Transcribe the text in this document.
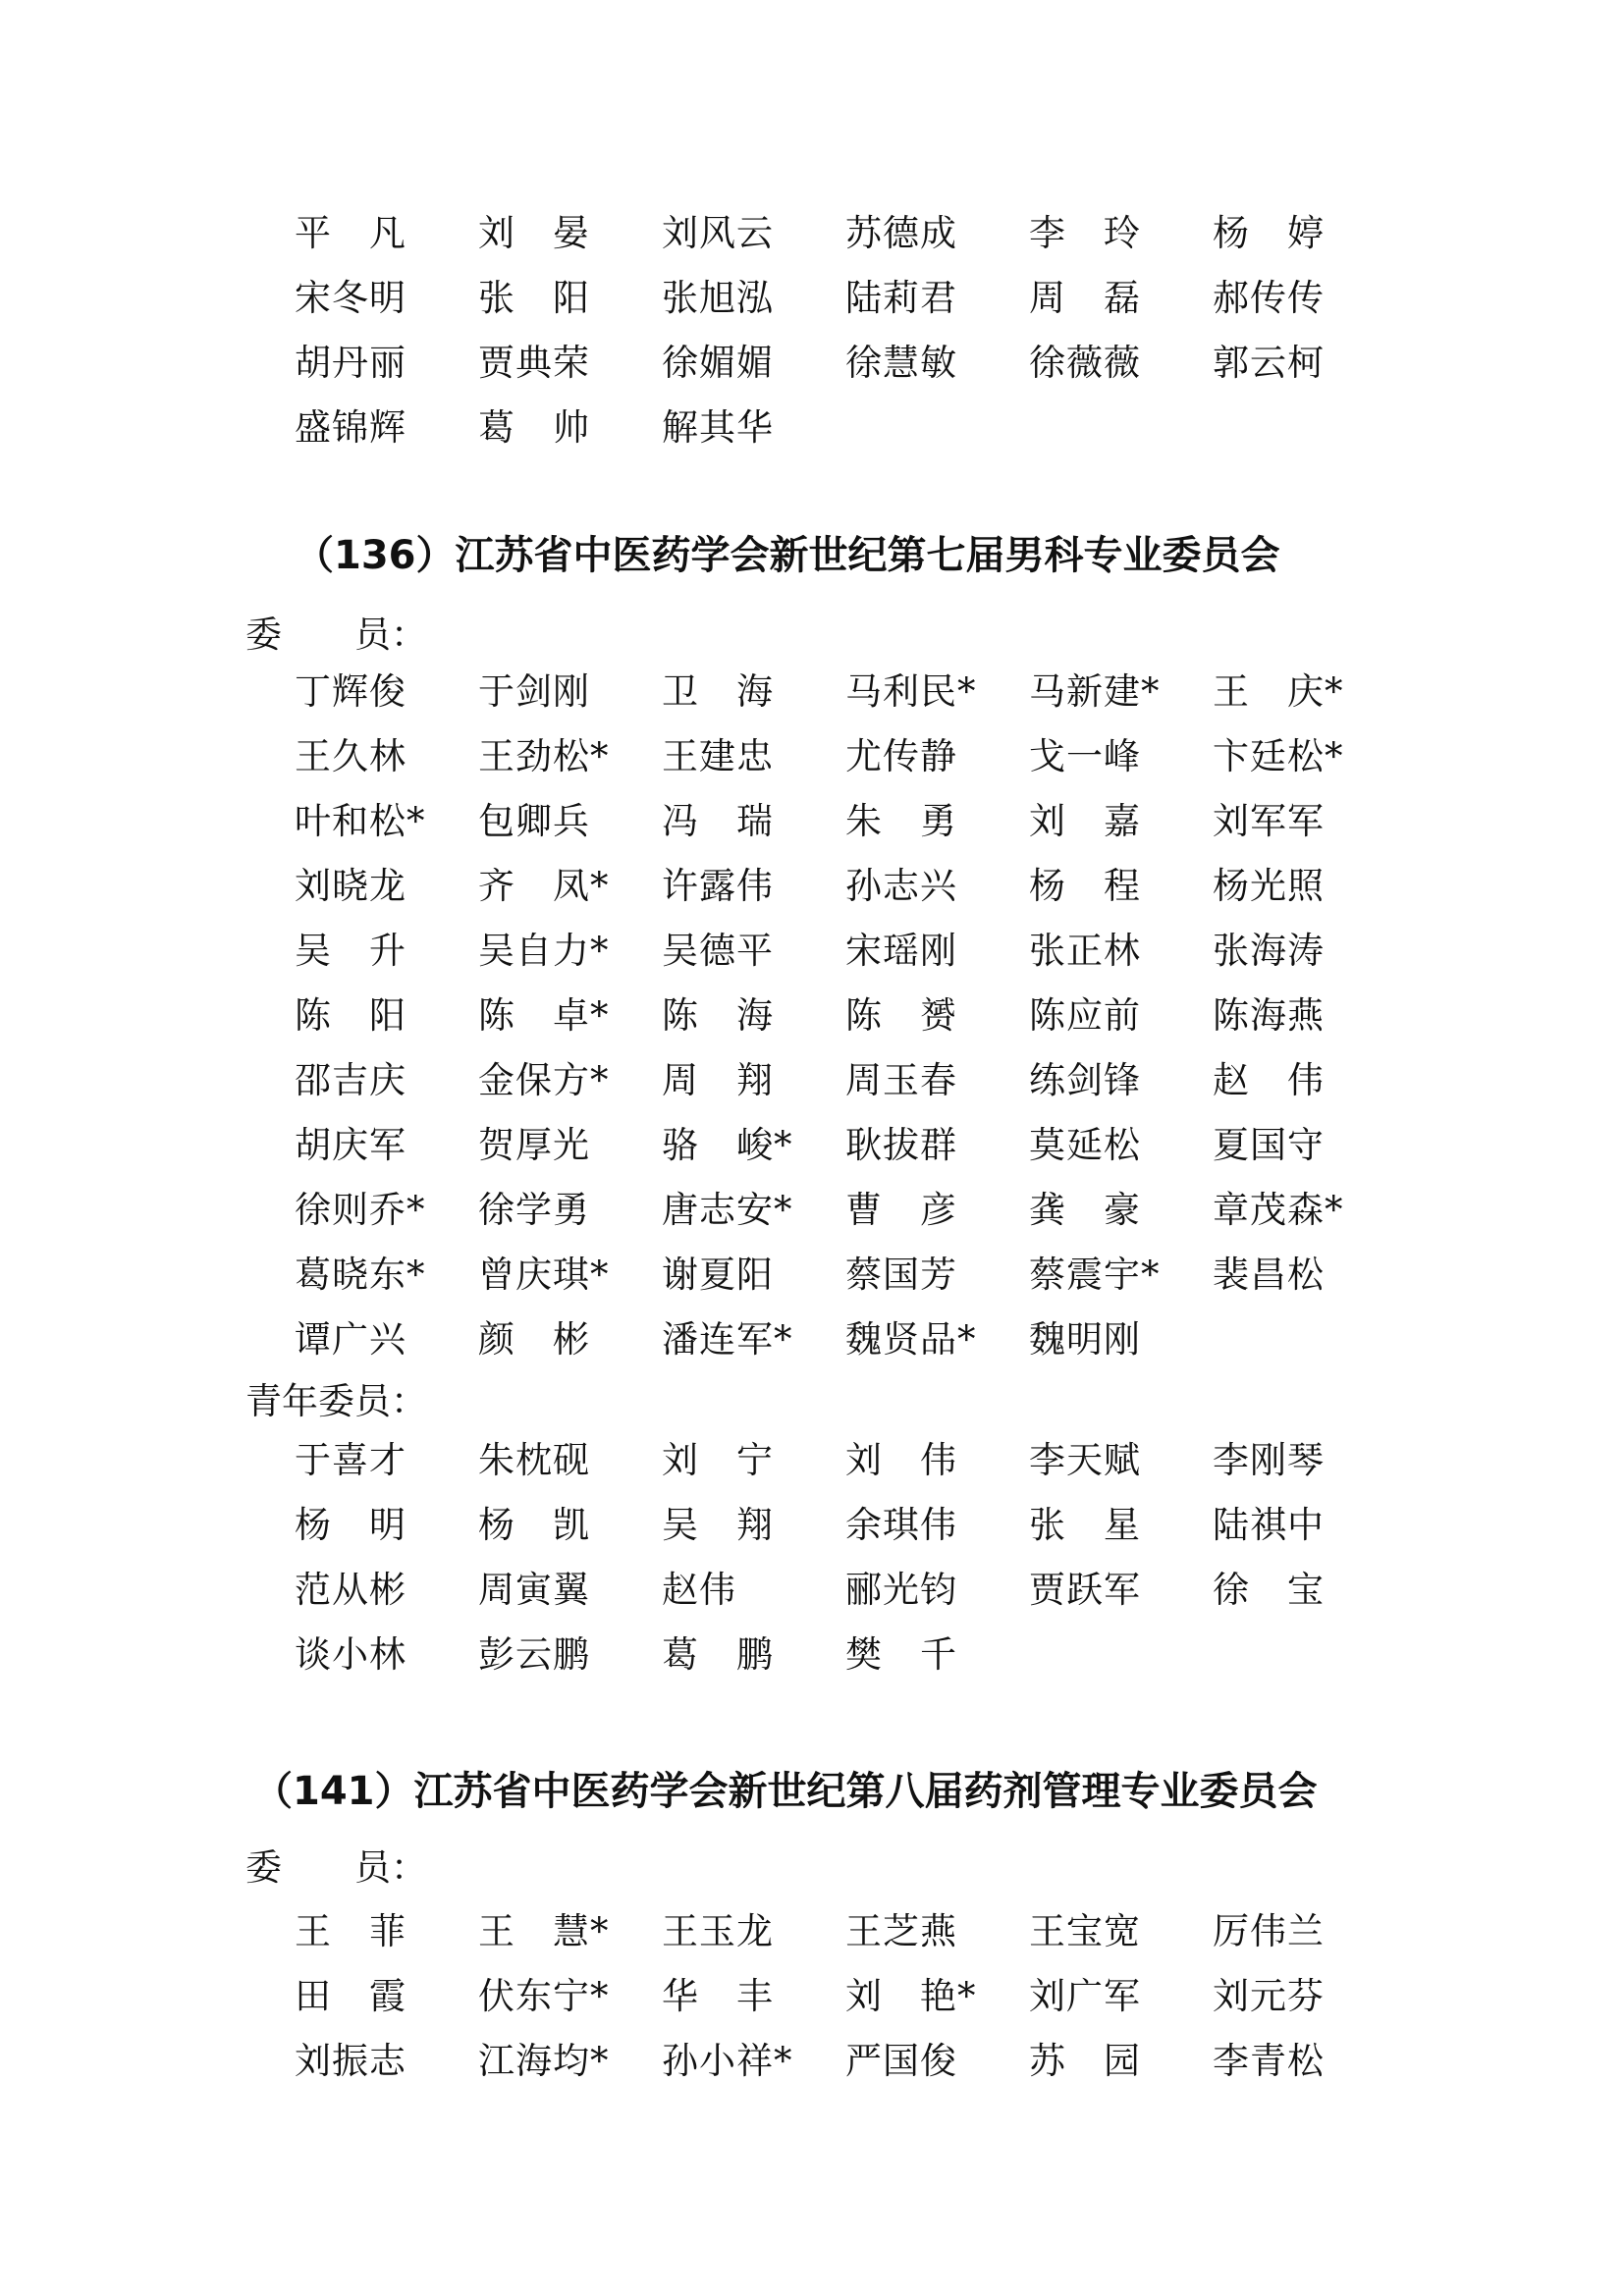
平　凡	刘　晏	刘风云	苏德成	李　玲	杨　婷
宋冬明	张　阳	张旭泓	陆莉君	周　磊	郝传传
胡丹丽	贾典荣	徐媚媚	徐慧敏	徐薇薇	郭云柯
盛锦辉	葛　帅	解其华
（136）江苏省中医药学会新世纪第七届男科专业委员会
委　　员：
丁辉俊	于剑刚	卫　海	马利民*	马新建*	王　庆*
王久林	王劲松*	王建忠	尤传静	戈一峰	卞廷松*
叶和松*	包卿兵	冯　瑞	朱　勇	刘　嘉	刘军军
刘晓龙	齐　凤*	许露伟	孙志兴	杨　程	杨光照
吴　升	吴自力*	吴德平	宋瑶刚	张正林	张海涛
陈　阳	陈　卓*	陈　海	陈　赟	陈应前	陈海燕
邵吉庆	金保方*	周　翔	周玉春	练剑锋	赵　伟
胡庆军	贺厚光	骆　峻*	耿拔群	莫延松	夏国守
徐则乔*	徐学勇	唐志安*	曹　彦	龚　豪	章茂森*
葛晓东*	曾庆琪*	谢夏阳	蔡国芳	蔡震宇*	裴昌松
谭广兴	颜　彬	潘连军*	魏贤品*	魏明刚
青年委员：
于喜才	朱枕砚	刘　宁	刘　伟	李天赋	李刚琴
杨　明	杨　凯	吴　翔	余琪伟	张　星	陆祺中
范从彬	周寅翼	赵伟	郦光钧	贾跃军	徐　宝
谈小林	彭云鹏	葛　鹏	樊　千
（141）江苏省中医药学会新世纪第八届药剂管理专业委员会
委　　员：
王　菲	王　慧*	王玉龙	王芝燕	王宝宽	厉伟兰
田　霞	伏东宁*	华　丰	刘　艳*	刘广军	刘元芬
刘振志	江海均*	孙小祥*	严国俊	苏　园	李青松
